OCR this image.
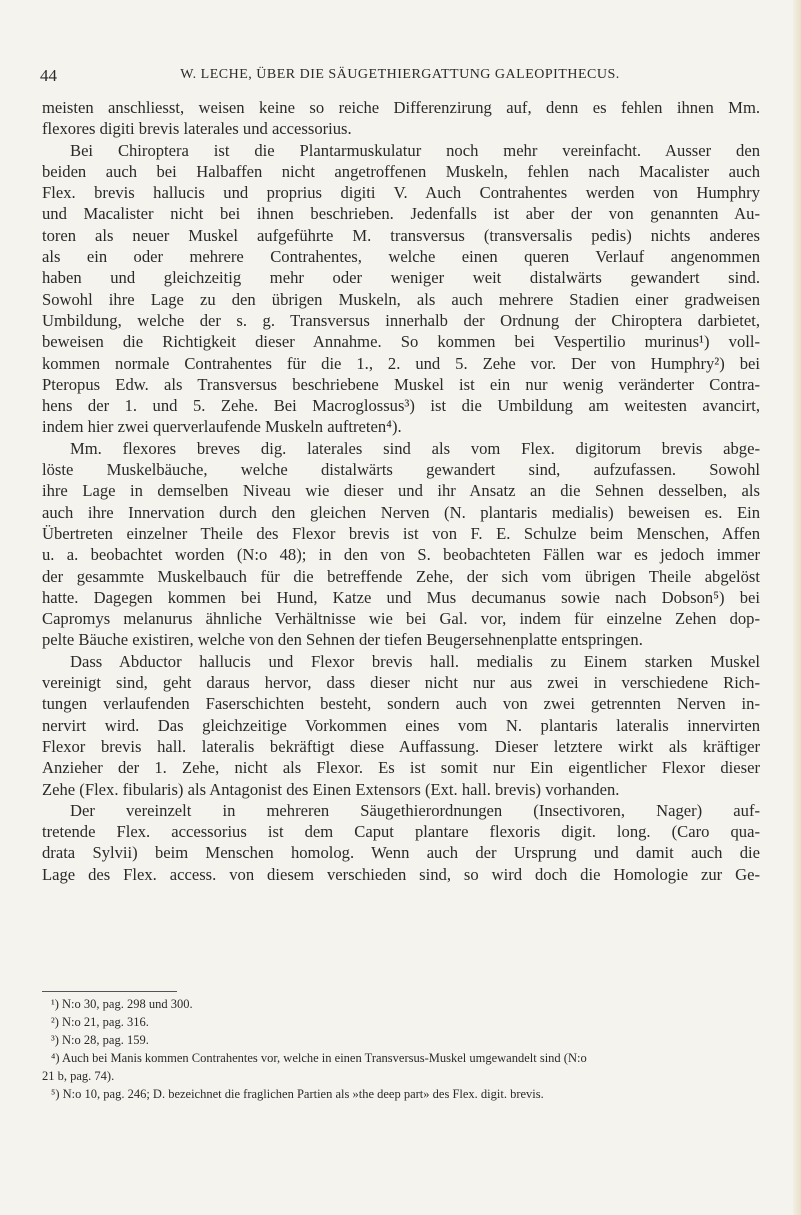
44	W. LECHE, ÜBER DIE SÄUGETHIERGATTUNG GALEOPITHECUS.
meisten anschliesst, weisen keine so reiche Differenzirung auf, denn es fehlen ihnen Mm.
flexores digiti brevis laterales und accessorius.
Bei Chiroptera ist die Plantarmuskulatur noch mehr vereinfacht. Ausser den
beiden auch bei Halbaffen nicht angetroffenen Muskeln, fehlen nach Macalister auch
Flex. brevis hallucis und proprius digiti V. Auch Contrahentes werden von Humphry
und Macalister nicht bei ihnen beschrieben. Jedenfalls ist aber der von genannten Au-
toren als neuer Muskel aufgeführte M. transversus (transversalis pedis) nichts anderes
als ein oder mehrere Contrahentes, welche einen queren Verlauf angenommen
haben und gleichzeitig mehr oder weniger weit distalwärts gewandert sind.
Sowohl ihre Lage zu den übrigen Muskeln, als auch mehrere Stadien einer gradweisen
Umbildung, welche der s. g. Transversus innerhalb der Ordnung der Chiroptera darbietet,
beweisen die Richtigkeit dieser Annahme. So kommen bei Vespertilio murinus¹) voll-
kommen normale Contrahentes für die 1., 2. und 5. Zehe vor. Der von Humphry²) bei
Pteropus Edw. als Transversus beschriebene Muskel ist ein nur wenig veränderter Contra-
hens der 1. und 5. Zehe. Bei Macroglossus³) ist die Umbildung am weitesten avancirt,
indem hier zwei querverlaufende Muskeln auftreten⁴).
Mm. flexores breves dig. laterales sind als vom Flex. digitorum brevis abge-
löste Muskelbäuche, welche distalwärts gewandert sind, aufzufassen. Sowohl
ihre Lage in demselben Niveau wie dieser und ihr Ansatz an die Sehnen desselben, als
auch ihre Innervation durch den gleichen Nerven (N. plantaris medialis) beweisen es. Ein
Übertreten einzelner Theile des Flexor brevis ist von F. E. Schulze beim Menschen, Affen
u. a. beobachtet worden (N:o 48); in den von S. beobachteten Fällen war es jedoch immer
der gesammte Muskelbauch für die betreffende Zehe, der sich vom übrigen Theile abgelöst
hatte. Dagegen kommen bei Hund, Katze und Mus decumanus sowie nach Dobson⁵) bei
Capromys melanurus ähnliche Verhältnisse wie bei Gal. vor, indem für einzelne Zehen dop-
pelte Bäuche existiren, welche von den Sehnen der tiefen Beugersehnenplatte entspringen.
Dass Abductor hallucis und Flexor brevis hall. medialis zu Einem starken Muskel
vereinigt sind, geht daraus hervor, dass dieser nicht nur aus zwei in verschiedene Rich-
tungen verlaufenden Faserschichten besteht, sondern auch von zwei getrennten Nerven in-
nervirt wird. Das gleichzeitige Vorkommen eines vom N. plantaris lateralis innervirten
Flexor brevis hall. lateralis bekräftigt diese Auffassung. Dieser letztere wirkt als kräftiger
Anzieher der 1. Zehe, nicht als Flexor. Es ist somit nur Ein eigentlicher Flexor dieser
Zehe (Flex. fibularis) als Antagonist des Einen Extensors (Ext. hall. brevis) vorhanden.
Der vereinzelt in mehreren Säugethierordnungen (Insectivoren, Nager) auf-
tretende Flex. accessorius ist dem Caput plantare flexoris digit. long. (Caro qua-
drata Sylvii) beim Menschen homolog. Wenn auch der Ursprung und damit auch die
Lage des Flex. access. von diesem verschieden sind, so wird doch die Homologie zur Ge-
¹) N:o 30, pag. 298 und 300.
²) N:o 21, pag. 316.
³) N:o 28, pag. 159.
⁴) Auch bei Manis kommen Contrahentes vor, welche in einen Transversus-Muskel umgewandelt sind (N:o
21 b, pag. 74).
⁵) N:o 10, pag. 246; D. bezeichnet die fraglichen Partien als »the deep part» des Flex. digit. brevis.
